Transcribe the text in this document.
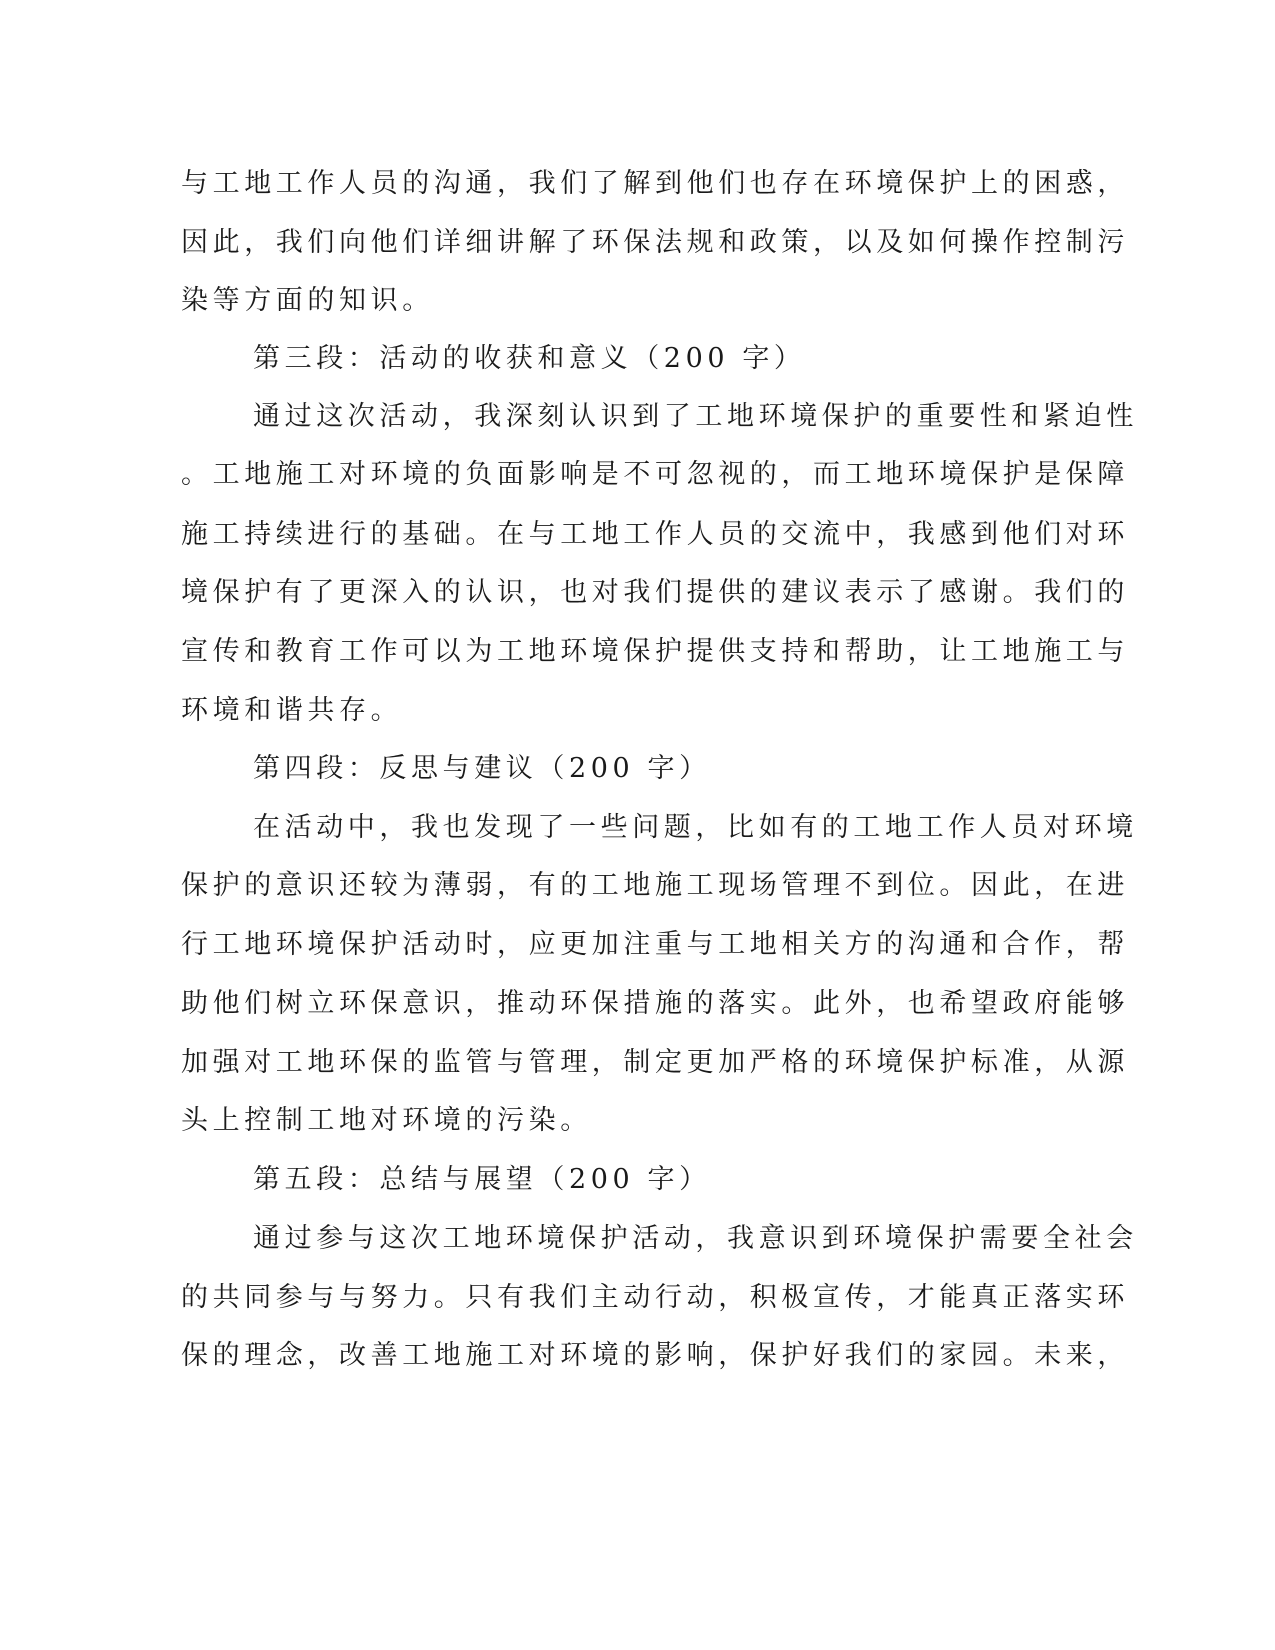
与工地工作人员的沟通，我们了解到他们也存在环境保护上的困惑，
因此，我们向他们详细讲解了环保法规和政策，以及如何操作控制污
染等方面的知识。
第三段：活动的收获和意义（200 字）
通过这次活动，我深刻认识到了工地环境保护的重要性和紧迫性
。工地施工对环境的负面影响是不可忽视的，而工地环境保护是保障
施工持续进行的基础。在与工地工作人员的交流中，我感到他们对环
境保护有了更深入的认识，也对我们提供的建议表示了感谢。我们的
宣传和教育工作可以为工地环境保护提供支持和帮助，让工地施工与
环境和谐共存。
第四段：反思与建议（200 字）
在活动中，我也发现了一些问题，比如有的工地工作人员对环境
保护的意识还较为薄弱，有的工地施工现场管理不到位。因此，在进
行工地环境保护活动时，应更加注重与工地相关方的沟通和合作，帮
助他们树立环保意识，推动环保措施的落实。此外，也希望政府能够
加强对工地环保的监管与管理，制定更加严格的环境保护标准，从源
头上控制工地对环境的污染。
第五段：总结与展望（200 字）
通过参与这次工地环境保护活动，我意识到环境保护需要全社会
的共同参与与努力。只有我们主动行动，积极宣传，才能真正落实环
保的理念，改善工地施工对环境的影响，保护好我们的家园。未来，
